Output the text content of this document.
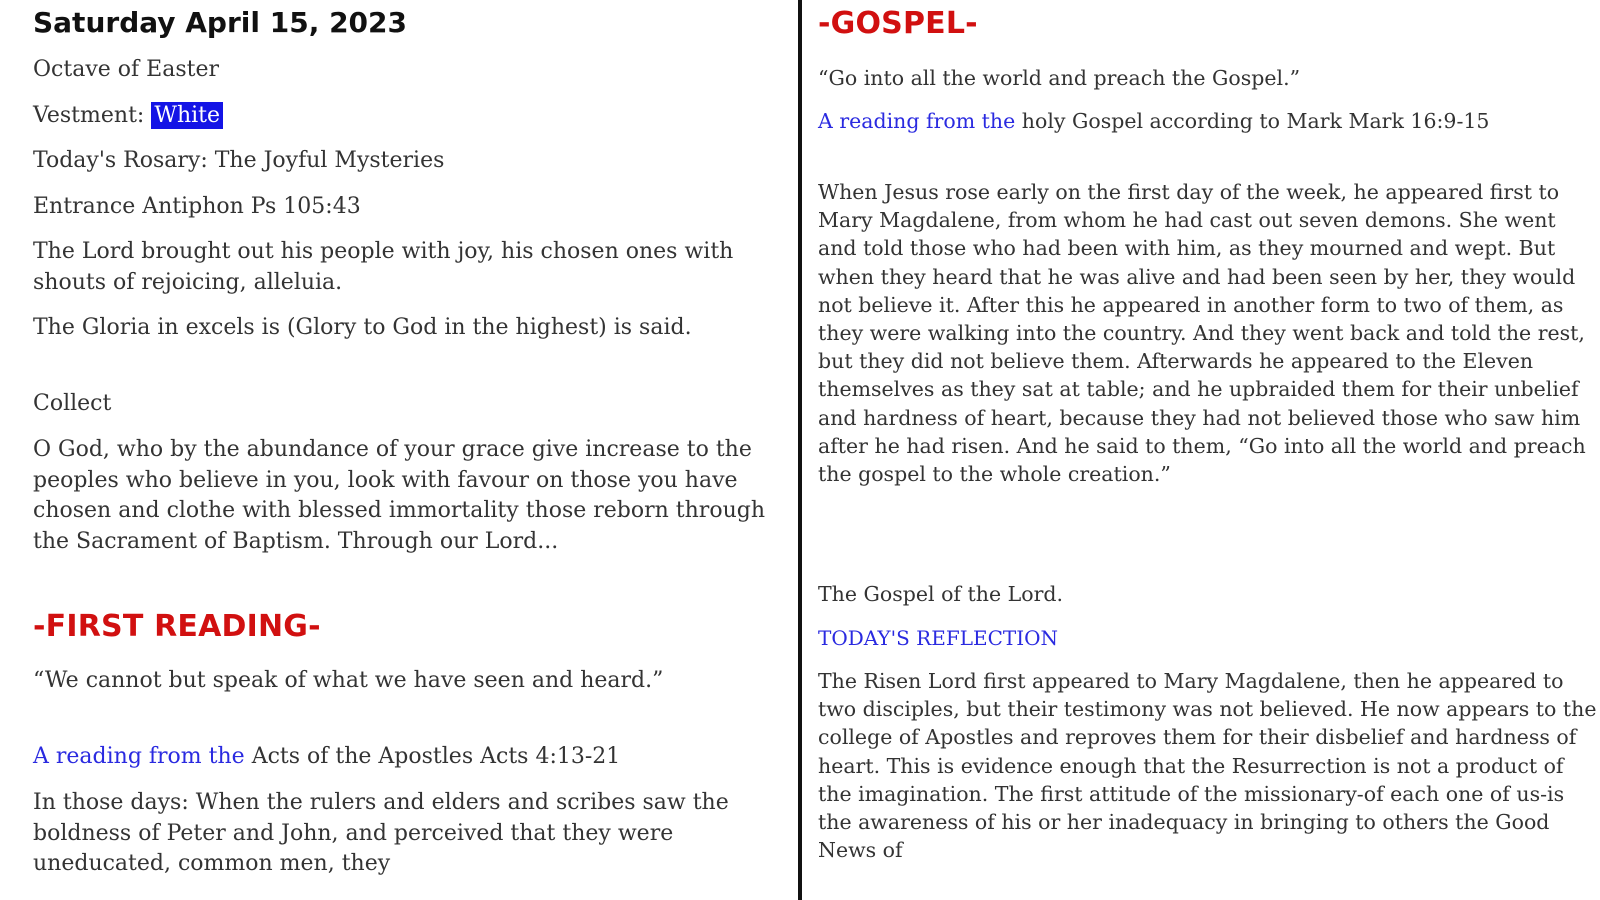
Saturday April 15, 2023

Octave of Easter

Vestment: White

Today's Rosary: The Joyful Mysteries

Entrance Antiphon Ps 105:43

The Lord brought out his people with joy, his chosen ones with shouts of rejoicing, alleluia.

The Gloria in excels is (Glory to God in the highest) is said.

Collect

O God, who by the abundance of your grace give increase to the peoples who believe in you, look with favour on those you have chosen and clothe with blessed immortality those reborn through the Sacrament of Baptism. Through our Lord...

-FIRST READING-

“We cannot but speak of what we have seen and heard.”

A reading from the Acts of the Apostles Acts 4:13-21

In those days: When the rulers and elders and scribes saw the boldness of Peter and John, and perceived that they were uneducated, common men, they

-GOSPEL-

“Go into all the world and preach the Gospel.”

A reading from the holy Gospel according to Mark Mark 16:9-15

When Jesus rose early on the first day of the week, he appeared first to Mary Magdalene, from whom he had cast out seven demons. She went and told those who had been with him, as they mourned and wept. But when they heard that he was alive and had been seen by her, they would not believe it. After this he appeared in another form to two of them, as they were walking into the country. And they went back and told the rest, but they did not believe them. Afterwards he appeared to the Eleven themselves as they sat at table; and he upbraided them for their unbelief and hardness of heart, because they had not believed those who saw him after he had risen. And he said to them, “Go into all the world and preach the gospel to the whole creation.”

The Gospel of the Lord.

TODAY'S REFLECTION

The Risen Lord first appeared to Mary Magdalene, then he appeared to two disciples, but their testimony was not believed. He now appears to the college of Apostles and reproves them for their disbelief and hardness of heart. This is evidence enough that the Resurrection is not a product of the imagination. The first attitude of the missionary-of each one of us-is the awareness of his or her inadequacy in bringing to others the Good News of
